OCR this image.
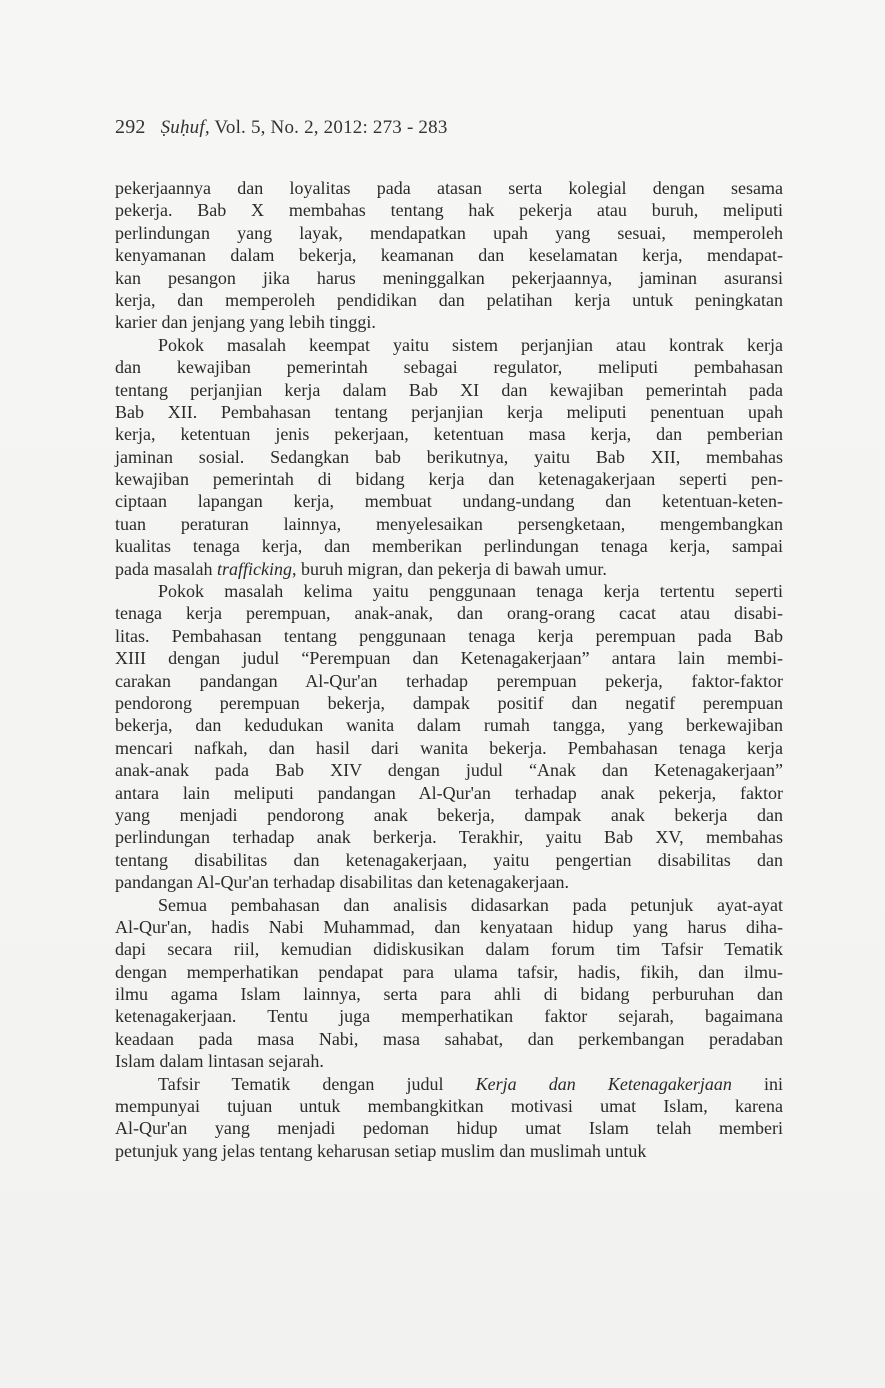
292 Ṣuḥuf, Vol. 5, No. 2, 2012: 273 - 283
pekerjaannya dan loyalitas pada atasan serta kolegial dengan sesama
pekerja. Bab X membahas tentang hak pekerja atau buruh, meliputi
perlindungan yang layak, mendapatkan upah yang sesuai, memperoleh
kenyamanan dalam bekerja, keamanan dan keselamatan kerja, mendapat-
kan pesangon jika harus meninggalkan pekerjaannya, jaminan asuransi
kerja, dan memperoleh pendidikan dan pelatihan kerja untuk peningkatan
karier dan jenjang yang lebih tinggi.
Pokok masalah keempat yaitu sistem perjanjian atau kontrak kerja
dan kewajiban pemerintah sebagai regulator, meliputi pembahasan
tentang perjanjian kerja dalam Bab XI dan kewajiban pemerintah pada
Bab XII. Pembahasan tentang perjanjian kerja meliputi penentuan upah
kerja, ketentuan jenis pekerjaan, ketentuan masa kerja, dan pemberian
jaminan sosial. Sedangkan bab berikutnya, yaitu Bab XII, membahas
kewajiban pemerintah di bidang kerja dan ketenagakerjaan seperti pen-
ciptaan lapangan kerja, membuat undang-undang dan ketentuan-keten-
tuan peraturan lainnya, menyelesaikan persengketaan, mengembangkan
kualitas tenaga kerja, dan memberikan perlindungan tenaga kerja, sampai
pada masalah trafficking, buruh migran, dan pekerja di bawah umur.
Pokok masalah kelima yaitu penggunaan tenaga kerja tertentu seperti
tenaga kerja perempuan, anak-anak, dan orang-orang cacat atau disabi-
litas. Pembahasan tentang penggunaan tenaga kerja perempuan pada Bab
XIII dengan judul “Perempuan dan Ketenagakerjaan” antara lain membi-
carakan pandangan Al-Qur'an terhadap perempuan pekerja, faktor-faktor
pendorong perempuan bekerja, dampak positif dan negatif perempuan
bekerja, dan kedudukan wanita dalam rumah tangga, yang berkewajiban
mencari nafkah, dan hasil dari wanita bekerja. Pembahasan tenaga kerja
anak-anak pada Bab XIV dengan judul “Anak dan Ketenagakerjaan”
antara lain meliputi pandangan Al-Qur'an terhadap anak pekerja, faktor
yang menjadi pendorong anak bekerja, dampak anak bekerja dan
perlindungan terhadap anak berkerja. Terakhir, yaitu Bab XV, membahas
tentang disabilitas dan ketenagakerjaan, yaitu pengertian disabilitas dan
pandangan Al-Qur'an terhadap disabilitas dan ketenagakerjaan.
Semua pembahasan dan analisis didasarkan pada petunjuk ayat-ayat
Al-Qur'an, hadis Nabi Muhammad, dan kenyataan hidup yang harus diha-
dapi secara riil, kemudian didiskusikan dalam forum tim Tafsir Tematik
dengan memperhatikan pendapat para ulama tafsir, hadis, fikih, dan ilmu-
ilmu agama Islam lainnya, serta para ahli di bidang perburuhan dan
ketenagakerjaan. Tentu juga memperhatikan faktor sejarah, bagaimana
keadaan pada masa Nabi, masa sahabat, dan perkembangan peradaban
Islam dalam lintasan sejarah.
Tafsir Tematik dengan judul Kerja dan Ketenagakerjaan ini
mempunyai tujuan untuk membangkitkan motivasi umat Islam, karena
Al-Qur'an yang menjadi pedoman hidup umat Islam telah memberi
petunjuk yang jelas tentang keharusan setiap muslim dan muslimah untuk
